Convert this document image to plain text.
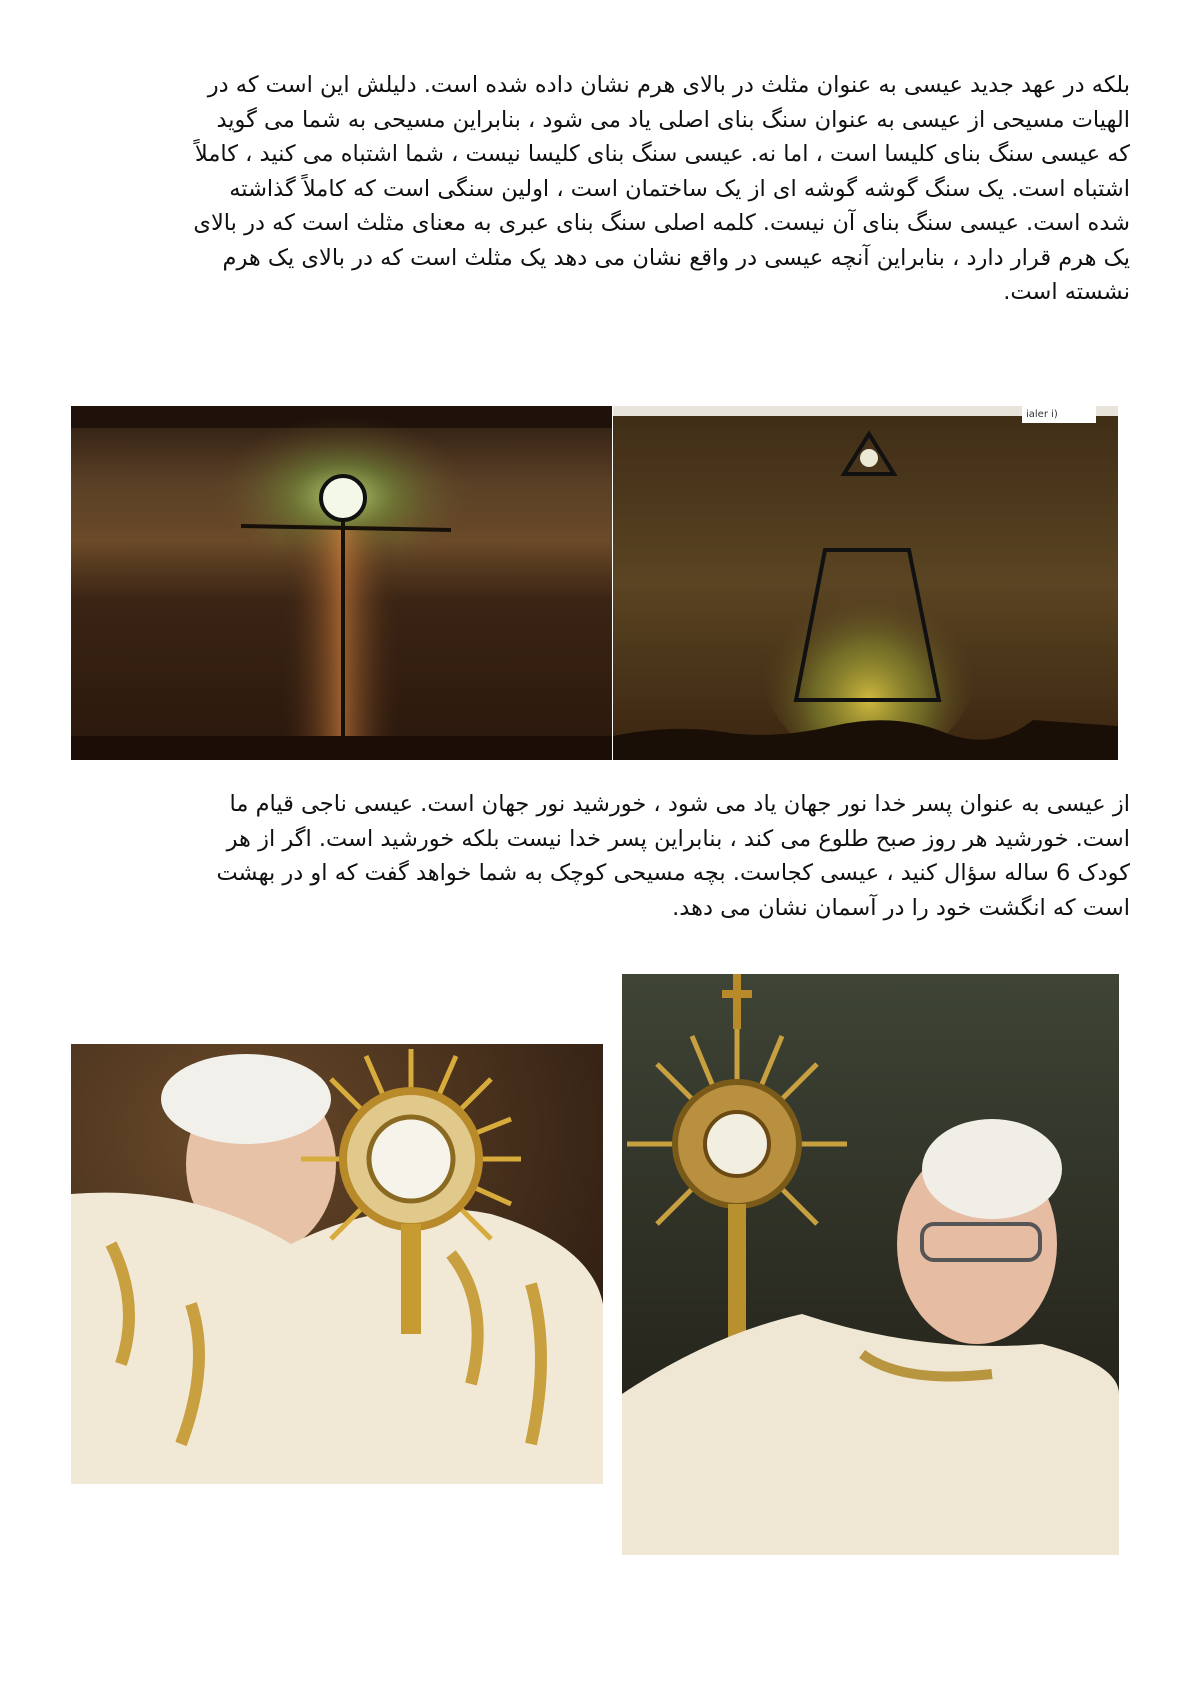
بلکه در عهد جدید عیسی به عنوان مثلث در بالای هرم نشان داده شده است. دلیلش این است که در
الهیات مسیحی از عیسی به عنوان سنگ بنای اصلی یاد می شود ، بنابراین مسیحی به شما می گوید
که عیسی سنگ بنای کلیسا است ، اما نه. عیسی سنگ بنای کلیسا نیست ، شما اشتباه می کنید ، کاملاً
اشتباه است. یک سنگ گوشه گوشه ای از یک ساختمان است ، اولین سنگی است که کاملاً گذاشته
شده است. عیسی سنگ بنای آن نیست. کلمه اصلی سنگ بنای عبری به معنای مثلث است که در بالای
یک هرم قرار دارد ، بنابراین آنچه عیسی در واقع نشان می دهد یک مثلث است که در بالای یک هرم
نشسته است.

ialer i)

از عیسی به عنوان پسر خدا نور جهان یاد می شود ، خورشید نور جهان است. عیسی ناجی قیام ما
است. خورشید هر روز صبح طلوع می کند ، بنابراین پسر خدا نیست بلکه خورشید است. اگر از هر
کودک 6 ساله سؤال کنید ، عیسی کجاست. بچه مسیحی کوچک به شما خواهد گفت که او در بهشت
است که انگشت خود را در آسمان نشان می دهد.
